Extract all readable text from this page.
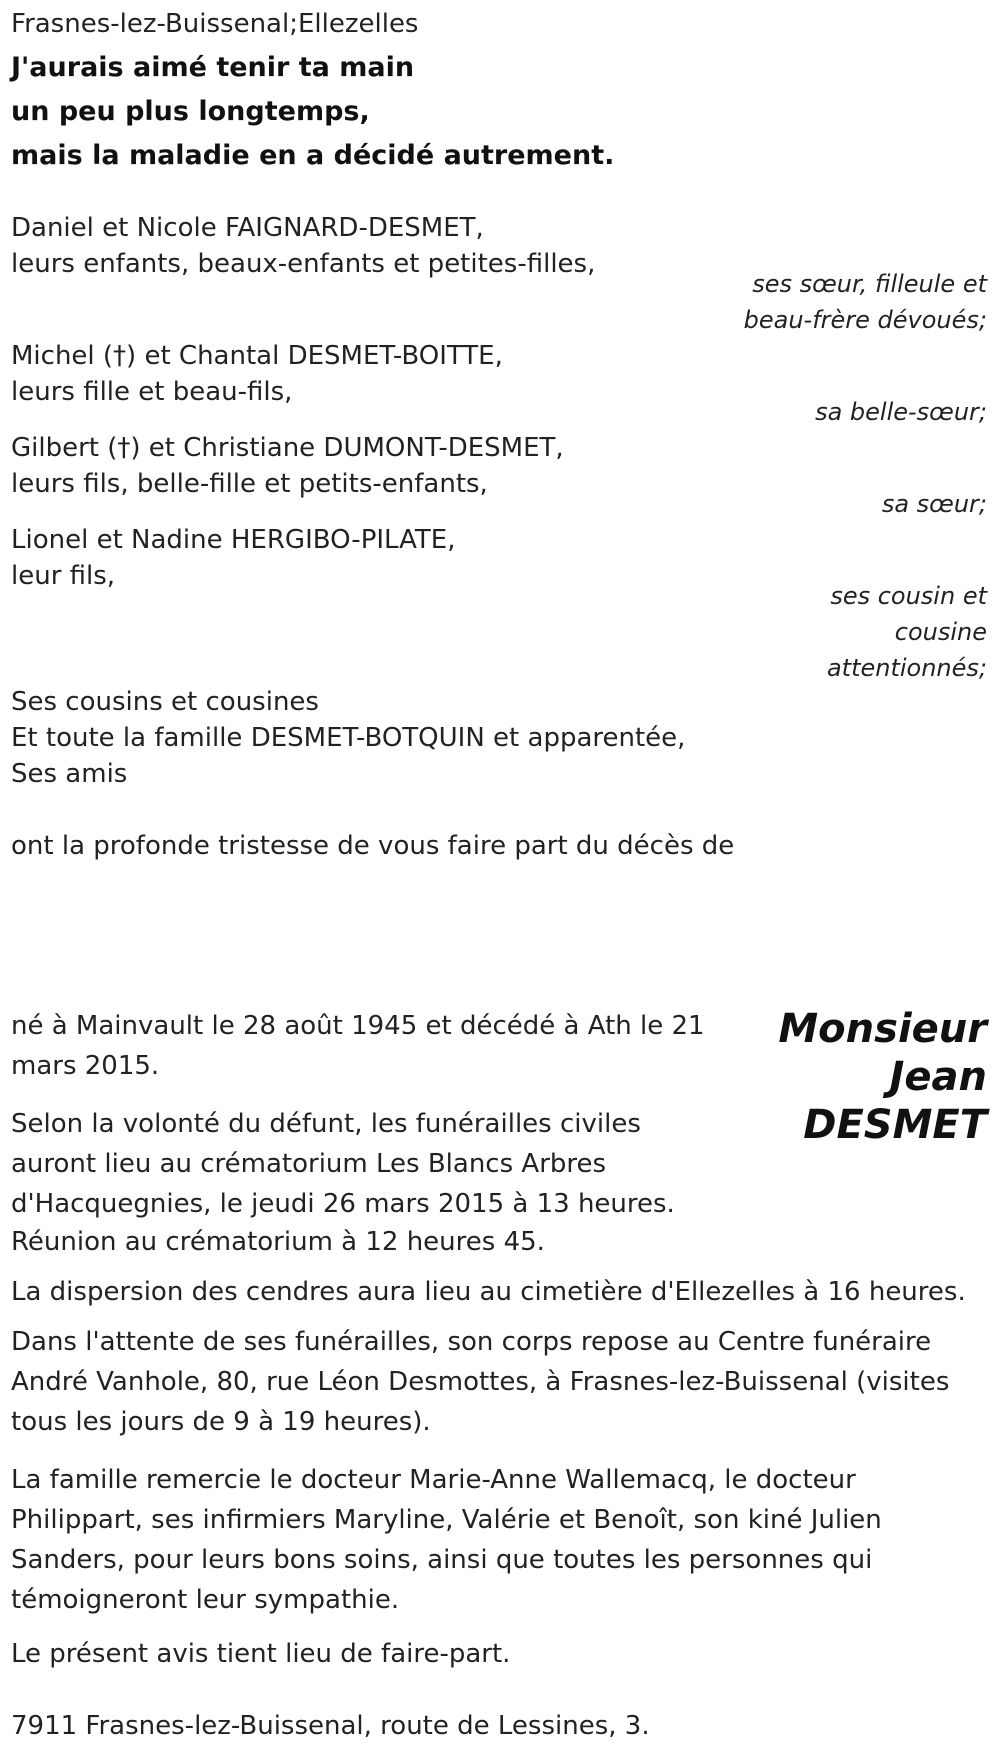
Frasnes-lez-Buissenal;Ellezelles
J'aurais aimé tenir ta main
un peu plus longtemps,
mais la maladie en a décidé autrement.
Daniel et Nicole FAIGNARD-DESMET,
leurs enfants, beaux-enfants et petites-filles,
ses sœur, filleule et
beau-frère dévoués;
Michel (†) et Chantal DESMET-BOITTE,
leurs fille et beau-fils,
sa belle-sœur;
Gilbert (†) et Christiane DUMONT-DESMET,
leurs fils, belle-fille et petits-enfants,
sa sœur;
Lionel et Nadine HERGIBO-PILATE,
leur fils,
ses cousin et
cousine
attentionnés;
Ses cousins et cousines
Et toute la famille DESMET-BOTQUIN et apparentée,
Ses amis
ont la profonde tristesse de vous faire part du décès de
Monsieur
Jean
DESMET
né à Mainvault le 28 août 1945 et décédé à Ath le 21 mars 2015.
Selon la volonté du défunt, les funérailles civiles auront lieu au crématorium Les Blancs Arbres d'Hacquegnies, le jeudi 26 mars 2015 à 13 heures.
Réunion au crématorium à 12 heures 45.
La dispersion des cendres aura lieu au cimetière d'Ellezelles à 16 heures.
Dans l'attente de ses funérailles, son corps repose au Centre funéraire André Vanhole, 80, rue Léon Desmottes, à Frasnes-lez-Buissenal (visites tous les jours de 9 à 19 heures).
La famille remercie le docteur Marie-Anne Wallemacq, le docteur Philippart, ses infirmiers Maryline, Valérie et Benoît, son kiné Julien Sanders, pour leurs bons soins, ainsi que toutes les personnes qui témoigneront leur sympathie.
Le présent avis tient lieu de faire-part.
7911 Frasnes-lez-Buissenal, route de Lessines, 3.
